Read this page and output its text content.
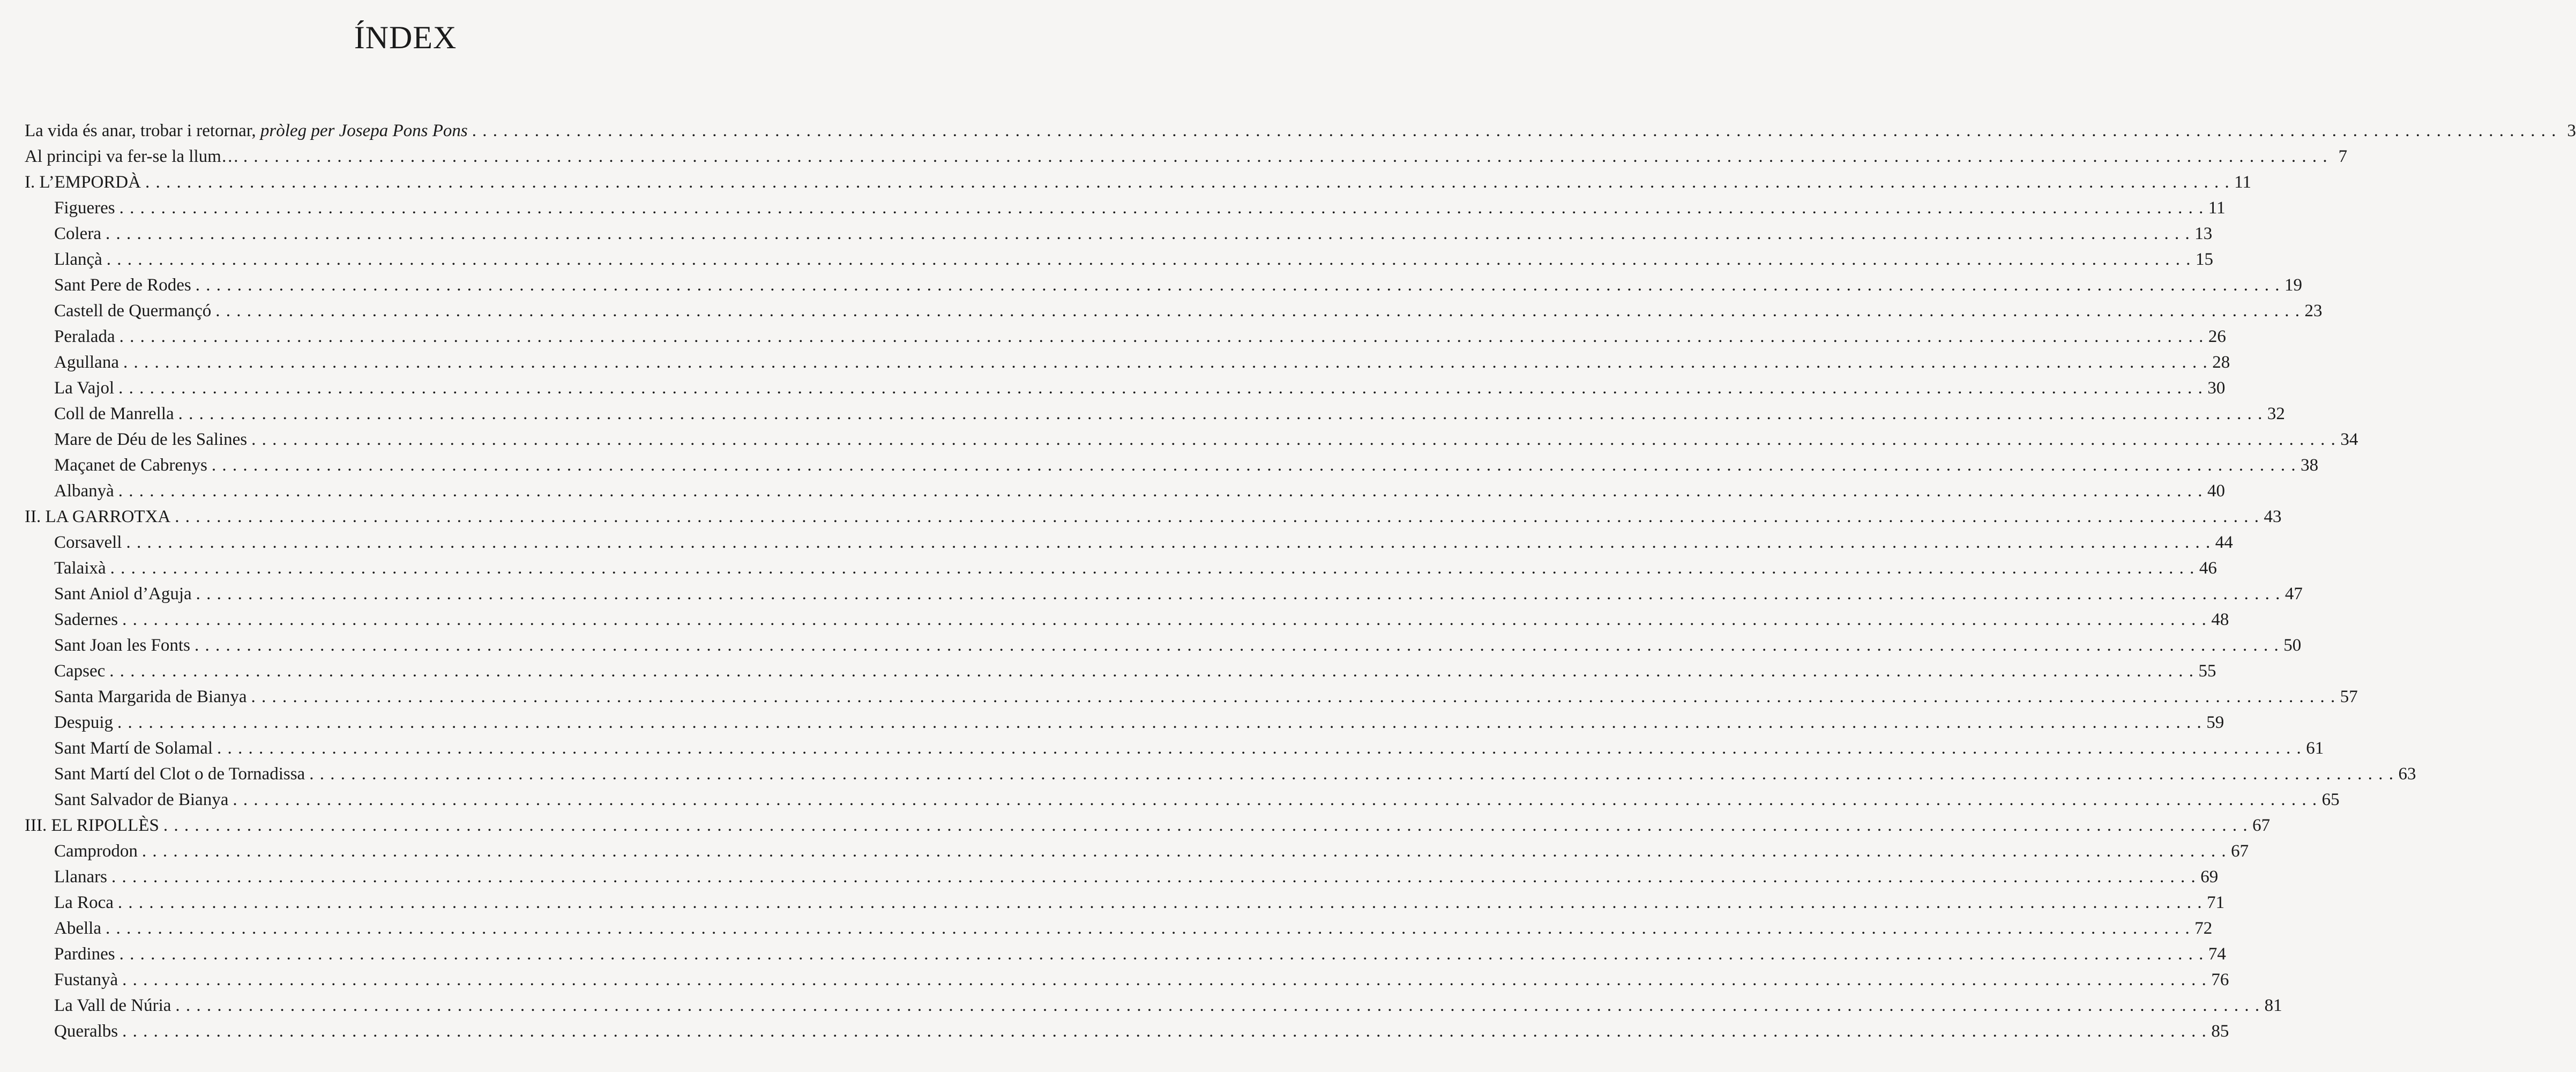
ÍNDEX
La vida és anar, trobar i retornar, pròleg per Josepa Pons Pons . . . . . . . . . . . . . . . . . . . . . . . . . . . . . . . . . . . . . . . . . . . . . . . . . . . . . . . . . . . . . . . . . . . . . . . . . . . . . . . . . . . . . . . . . . . . . . . . . . . . . . . . . . . . . . . . . . . . . . . . . . . . . . . . . . . . . . . . . . . . . . . . . . . . . . . . . . . . . . . . . . . . . . . . . . . . . . . . . . . . . . . . . . . . . . . . . . . . . . . . 3
Al principi va fer-se la llum… . . . . . . . . . . . . . . . . . . . . . . . . . . . . . . . . . . . . . . . . . . . . . . . . . . . . . . . . . . . . . . . . . . . . . . . . . . . . . . . . . . . . . . . . . . . . . . . . . . . . . . . . . . . . . . . . . . . . . . . . . . . . . . . . . . . . . . . . . . . . . . . . . . . . . . . . . . . . . . . . . . . . . . . . . . . . . . . . . . . . . . . . . . . . . . . . . . . . . . . . 7
I. L’EMPORDÀ . . . . . . . . . . . . . . . . . . . . . . . . . . . . . . . . . . . . . . . . . . . . . . . . . . . . . . . . . . . . . . . . . . . . . . . . . . . . . . . . . . . . . . . . . . . . . . . . . . . . . . . . . . . . . . . . . . . . . . . . . . . . . . . . . . . . . . . . . . . . . . . . . . . . . . . . . . . . . . . . . . . . . . . . . . . . . . . . . . . . . . . . . . . . . . . . . . . . . . . . 11
Figueres . . . . . . . . . . . . . . . . . . . . . . . . . . . . . . . . . . . . . . . . . . . . . . . . . . . . . . . . . . . . . . . . . . . . . . . . . . . . . . . . . . . . . . . . . . . . . . . . . . . . . . . . . . . . . . . . . . . . . . . . . . . . . . . . . . . . . . . . . . . . . . . . . . . . . . . . . . . . . . . . . . . . . . . . . . . . . . . . . . . . . . . . . . . . . . . . . . . . . . . . 11
Colera . . . . . . . . . . . . . . . . . . . . . . . . . . . . . . . . . . . . . . . . . . . . . . . . . . . . . . . . . . . . . . . . . . . . . . . . . . . . . . . . . . . . . . . . . . . . . . . . . . . . . . . . . . . . . . . . . . . . . . . . . . . . . . . . . . . . . . . . . . . . . . . . . . . . . . . . . . . . . . . . . . . . . . . . . . . . . . . . . . . . . . . . . . . . . . . . . . . . . . . . 13
Llançà . . . . . . . . . . . . . . . . . . . . . . . . . . . . . . . . . . . . . . . . . . . . . . . . . . . . . . . . . . . . . . . . . . . . . . . . . . . . . . . . . . . . . . . . . . . . . . . . . . . . . . . . . . . . . . . . . . . . . . . . . . . . . . . . . . . . . . . . . . . . . . . . . . . . . . . . . . . . . . . . . . . . . . . . . . . . . . . . . . . . . . . . . . . . . . . . . . . . . . . . 15
Sant Pere de Rodes . . . . . . . . . . . . . . . . . . . . . . . . . . . . . . . . . . . . . . . . . . . . . . . . . . . . . . . . . . . . . . . . . . . . . . . . . . . . . . . . . . . . . . . . . . . . . . . . . . . . . . . . . . . . . . . . . . . . . . . . . . . . . . . . . . . . . . . . . . . . . . . . . . . . . . . . . . . . . . . . . . . . . . . . . . . . . . . . . . . . . . . . . . . . . . . . . . . . . . . . 19
Castell de Quermançó . . . . . . . . . . . . . . . . . . . . . . . . . . . . . . . . . . . . . . . . . . . . . . . . . . . . . . . . . . . . . . . . . . . . . . . . . . . . . . . . . . . . . . . . . . . . . . . . . . . . . . . . . . . . . . . . . . . . . . . . . . . . . . . . . . . . . . . . . . . . . . . . . . . . . . . . . . . . . . . . . . . . . . . . . . . . . . . . . . . . . . . . . . . . . . . . . . . . . . . . 23
Peralada . . . . . . . . . . . . . . . . . . . . . . . . . . . . . . . . . . . . . . . . . . . . . . . . . . . . . . . . . . . . . . . . . . . . . . . . . . . . . . . . . . . . . . . . . . . . . . . . . . . . . . . . . . . . . . . . . . . . . . . . . . . . . . . . . . . . . . . . . . . . . . . . . . . . . . . . . . . . . . . . . . . . . . . . . . . . . . . . . . . . . . . . . . . . . . . . . . . . . . . . 26
Agullana . . . . . . . . . . . . . . . . . . . . . . . . . . . . . . . . . . . . . . . . . . . . . . . . . . . . . . . . . . . . . . . . . . . . . . . . . . . . . . . . . . . . . . . . . . . . . . . . . . . . . . . . . . . . . . . . . . . . . . . . . . . . . . . . . . . . . . . . . . . . . . . . . . . . . . . . . . . . . . . . . . . . . . . . . . . . . . . . . . . . . . . . . . . . . . . . . . . . . . . . 28
La Vajol . . . . . . . . . . . . . . . . . . . . . . . . . . . . . . . . . . . . . . . . . . . . . . . . . . . . . . . . . . . . . . . . . . . . . . . . . . . . . . . . . . . . . . . . . . . . . . . . . . . . . . . . . . . . . . . . . . . . . . . . . . . . . . . . . . . . . . . . . . . . . . . . . . . . . . . . . . . . . . . . . . . . . . . . . . . . . . . . . . . . . . . . . . . . . . . . . . . . . . . . 30
Coll de Manrella . . . . . . . . . . . . . . . . . . . . . . . . . . . . . . . . . . . . . . . . . . . . . . . . . . . . . . . . . . . . . . . . . . . . . . . . . . . . . . . . . . . . . . . . . . . . . . . . . . . . . . . . . . . . . . . . . . . . . . . . . . . . . . . . . . . . . . . . . . . . . . . . . . . . . . . . . . . . . . . . . . . . . . . . . . . . . . . . . . . . . . . . . . . . . . . . . . . . . . . . 32
Mare de Déu de les Salines . . . . . . . . . . . . . . . . . . . . . . . . . . . . . . . . . . . . . . . . . . . . . . . . . . . . . . . . . . . . . . . . . . . . . . . . . . . . . . . . . . . . . . . . . . . . . . . . . . . . . . . . . . . . . . . . . . . . . . . . . . . . . . . . . . . . . . . . . . . . . . . . . . . . . . . . . . . . . . . . . . . . . . . . . . . . . . . . . . . . . . . . . . . . . . . . . . . . . . . . 34
Maçanet de Cabrenys . . . . . . . . . . . . . . . . . . . . . . . . . . . . . . . . . . . . . . . . . . . . . . . . . . . . . . . . . . . . . . . . . . . . . . . . . . . . . . . . . . . . . . . . . . . . . . . . . . . . . . . . . . . . . . . . . . . . . . . . . . . . . . . . . . . . . . . . . . . . . . . . . . . . . . . . . . . . . . . . . . . . . . . . . . . . . . . . . . . . . . . . . . . . . . . . . . . . . . . . 38
Albanyà . . . . . . . . . . . . . . . . . . . . . . . . . . . . . . . . . . . . . . . . . . . . . . . . . . . . . . . . . . . . . . . . . . . . . . . . . . . . . . . . . . . . . . . . . . . . . . . . . . . . . . . . . . . . . . . . . . . . . . . . . . . . . . . . . . . . . . . . . . . . . . . . . . . . . . . . . . . . . . . . . . . . . . . . . . . . . . . . . . . . . . . . . . . . . . . . . . . . . . . . 40
II. LA GARROTXA . . . . . . . . . . . . . . . . . . . . . . . . . . . . . . . . . . . . . . . . . . . . . . . . . . . . . . . . . . . . . . . . . . . . . . . . . . . . . . . . . . . . . . . . . . . . . . . . . . . . . . . . . . . . . . . . . . . . . . . . . . . . . . . . . . . . . . . . . . . . . . . . . . . . . . . . . . . . . . . . . . . . . . . . . . . . . . . . . . . . . . . . . . . . . . . . . . . . . . . . 43
Corsavell . . . . . . . . . . . . . . . . . . . . . . . . . . . . . . . . . . . . . . . . . . . . . . . . . . . . . . . . . . . . . . . . . . . . . . . . . . . . . . . . . . . . . . . . . . . . . . . . . . . . . . . . . . . . . . . . . . . . . . . . . . . . . . . . . . . . . . . . . . . . . . . . . . . . . . . . . . . . . . . . . . . . . . . . . . . . . . . . . . . . . . . . . . . . . . . . . . . . . . . . 44
Talaixà . . . . . . . . . . . . . . . . . . . . . . . . . . . . . . . . . . . . . . . . . . . . . . . . . . . . . . . . . . . . . . . . . . . . . . . . . . . . . . . . . . . . . . . . . . . . . . . . . . . . . . . . . . . . . . . . . . . . . . . . . . . . . . . . . . . . . . . . . . . . . . . . . . . . . . . . . . . . . . . . . . . . . . . . . . . . . . . . . . . . . . . . . . . . . . . . . . . . . . . . 46
Sant Aniol d’Aguja . . . . . . . . . . . . . . . . . . . . . . . . . . . . . . . . . . . . . . . . . . . . . . . . . . . . . . . . . . . . . . . . . . . . . . . . . . . . . . . . . . . . . . . . . . . . . . . . . . . . . . . . . . . . . . . . . . . . . . . . . . . . . . . . . . . . . . . . . . . . . . . . . . . . . . . . . . . . . . . . . . . . . . . . . . . . . . . . . . . . . . . . . . . . . . . . . . . . . . . . 47
Sadernes . . . . . . . . . . . . . . . . . . . . . . . . . . . . . . . . . . . . . . . . . . . . . . . . . . . . . . . . . . . . . . . . . . . . . . . . . . . . . . . . . . . . . . . . . . . . . . . . . . . . . . . . . . . . . . . . . . . . . . . . . . . . . . . . . . . . . . . . . . . . . . . . . . . . . . . . . . . . . . . . . . . . . . . . . . . . . . . . . . . . . . . . . . . . . . . . . . . . . . . . 48
Sant Joan les Fonts . . . . . . . . . . . . . . . . . . . . . . . . . . . . . . . . . . . . . . . . . . . . . . . . . . . . . . . . . . . . . . . . . . . . . . . . . . . . . . . . . . . . . . . . . . . . . . . . . . . . . . . . . . . . . . . . . . . . . . . . . . . . . . . . . . . . . . . . . . . . . . . . . . . . . . . . . . . . . . . . . . . . . . . . . . . . . . . . . . . . . . . . . . . . . . . . . . . . . . . . 50
Capsec . . . . . . . . . . . . . . . . . . . . . . . . . . . . . . . . . . . . . . . . . . . . . . . . . . . . . . . . . . . . . . . . . . . . . . . . . . . . . . . . . . . . . . . . . . . . . . . . . . . . . . . . . . . . . . . . . . . . . . . . . . . . . . . . . . . . . . . . . . . . . . . . . . . . . . . . . . . . . . . . . . . . . . . . . . . . . . . . . . . . . . . . . . . . . . . . . . . . . . . . 55
Santa Margarida de Bianya . . . . . . . . . . . . . . . . . . . . . . . . . . . . . . . . . . . . . . . . . . . . . . . . . . . . . . . . . . . . . . . . . . . . . . . . . . . . . . . . . . . . . . . . . . . . . . . . . . . . . . . . . . . . . . . . . . . . . . . . . . . . . . . . . . . . . . . . . . . . . . . . . . . . . . . . . . . . . . . . . . . . . . . . . . . . . . . . . . . . . . . . . . . . . . . . . . . . . . . . 57
Despuig . . . . . . . . . . . . . . . . . . . . . . . . . . . . . . . . . . . . . . . . . . . . . . . . . . . . . . . . . . . . . . . . . . . . . . . . . . . . . . . . . . . . . . . . . . . . . . . . . . . . . . . . . . . . . . . . . . . . . . . . . . . . . . . . . . . . . . . . . . . . . . . . . . . . . . . . . . . . . . . . . . . . . . . . . . . . . . . . . . . . . . . . . . . . . . . . . . . . . . . . 59
Sant Martí de Solamal . . . . . . . . . . . . . . . . . . . . . . . . . . . . . . . . . . . . . . . . . . . . . . . . . . . . . . . . . . . . . . . . . . . . . . . . . . . . . . . . . . . . . . . . . . . . . . . . . . . . . . . . . . . . . . . . . . . . . . . . . . . . . . . . . . . . . . . . . . . . . . . . . . . . . . . . . . . . . . . . . . . . . . . . . . . . . . . . . . . . . . . . . . . . . . . . . . . . . . . . 61
Sant Martí del Clot o de Tornadissa . . . . . . . . . . . . . . . . . . . . . . . . . . . . . . . . . . . . . . . . . . . . . . . . . . . . . . . . . . . . . . . . . . . . . . . . . . . . . . . . . . . . . . . . . . . . . . . . . . . . . . . . . . . . . . . . . . . . . . . . . . . . . . . . . . . . . . . . . . . . . . . . . . . . . . . . . . . . . . . . . . . . . . . . . . . . . . . . . . . . . . . . . . . . . . . . . . . . . . . . 63
Sant Salvador de Bianya . . . . . . . . . . . . . . . . . . . . . . . . . . . . . . . . . . . . . . . . . . . . . . . . . . . . . . . . . . . . . . . . . . . . . . . . . . . . . . . . . . . . . . . . . . . . . . . . . . . . . . . . . . . . . . . . . . . . . . . . . . . . . . . . . . . . . . . . . . . . . . . . . . . . . . . . . . . . . . . . . . . . . . . . . . . . . . . . . . . . . . . . . . . . . . . . . . . . . . . . 65
III. EL RIPOLLÈS . . . . . . . . . . . . . . . . . . . . . . . . . . . . . . . . . . . . . . . . . . . . . . . . . . . . . . . . . . . . . . . . . . . . . . . . . . . . . . . . . . . . . . . . . . . . . . . . . . . . . . . . . . . . . . . . . . . . . . . . . . . . . . . . . . . . . . . . . . . . . . . . . . . . . . . . . . . . . . . . . . . . . . . . . . . . . . . . . . . . . . . . . . . . . . . . . . . . . . . . 67
Camprodon . . . . . . . . . . . . . . . . . . . . . . . . . . . . . . . . . . . . . . . . . . . . . . . . . . . . . . . . . . . . . . . . . . . . . . . . . . . . . . . . . . . . . . . . . . . . . . . . . . . . . . . . . . . . . . . . . . . . . . . . . . . . . . . . . . . . . . . . . . . . . . . . . . . . . . . . . . . . . . . . . . . . . . . . . . . . . . . . . . . . . . . . . . . . . . . . . . . . . . . . 67
Llanars . . . . . . . . . . . . . . . . . . . . . . . . . . . . . . . . . . . . . . . . . . . . . . . . . . . . . . . . . . . . . . . . . . . . . . . . . . . . . . . . . . . . . . . . . . . . . . . . . . . . . . . . . . . . . . . . . . . . . . . . . . . . . . . . . . . . . . . . . . . . . . . . . . . . . . . . . . . . . . . . . . . . . . . . . . . . . . . . . . . . . . . . . . . . . . . . . . . . . . . . 69
La Roca . . . . . . . . . . . . . . . . . . . . . . . . . . . . . . . . . . . . . . . . . . . . . . . . . . . . . . . . . . . . . . . . . . . . . . . . . . . . . . . . . . . . . . . . . . . . . . . . . . . . . . . . . . . . . . . . . . . . . . . . . . . . . . . . . . . . . . . . . . . . . . . . . . . . . . . . . . . . . . . . . . . . . . . . . . . . . . . . . . . . . . . . . . . . . . . . . . . . . . . . 71
Abella . . . . . . . . . . . . . . . . . . . . . . . . . . . . . . . . . . . . . . . . . . . . . . . . . . . . . . . . . . . . . . . . . . . . . . . . . . . . . . . . . . . . . . . . . . . . . . . . . . . . . . . . . . . . . . . . . . . . . . . . . . . . . . . . . . . . . . . . . . . . . . . . . . . . . . . . . . . . . . . . . . . . . . . . . . . . . . . . . . . . . . . . . . . . . . . . . . . . . . . . 72
Pardines . . . . . . . . . . . . . . . . . . . . . . . . . . . . . . . . . . . . . . . . . . . . . . . . . . . . . . . . . . . . . . . . . . . . . . . . . . . . . . . . . . . . . . . . . . . . . . . . . . . . . . . . . . . . . . . . . . . . . . . . . . . . . . . . . . . . . . . . . . . . . . . . . . . . . . . . . . . . . . . . . . . . . . . . . . . . . . . . . . . . . . . . . . . . . . . . . . . . . . . . 74
Fustanyà . . . . . . . . . . . . . . . . . . . . . . . . . . . . . . . . . . . . . . . . . . . . . . . . . . . . . . . . . . . . . . . . . . . . . . . . . . . . . . . . . . . . . . . . . . . . . . . . . . . . . . . . . . . . . . . . . . . . . . . . . . . . . . . . . . . . . . . . . . . . . . . . . . . . . . . . . . . . . . . . . . . . . . . . . . . . . . . . . . . . . . . . . . . . . . . . . . . . . . . . 76
La Vall de Núria . . . . . . . . . . . . . . . . . . . . . . . . . . . . . . . . . . . . . . . . . . . . . . . . . . . . . . . . . . . . . . . . . . . . . . . . . . . . . . . . . . . . . . . . . . . . . . . . . . . . . . . . . . . . . . . . . . . . . . . . . . . . . . . . . . . . . . . . . . . . . . . . . . . . . . . . . . . . . . . . . . . . . . . . . . . . . . . . . . . . . . . . . . . . . . . . . . . . . . . . 81
Queralbs . . . . . . . . . . . . . . . . . . . . . . . . . . . . . . . . . . . . . . . . . . . . . . . . . . . . . . . . . . . . . . . . . . . . . . . . . . . . . . . . . . . . . . . . . . . . . . . . . . . . . . . . . . . . . . . . . . . . . . . . . . . . . . . . . . . . . . . . . . . . . . . . . . . . . . . . . . . . . . . . . . . . . . . . . . . . . . . . . . . . . . . . . . . . . . . . . . . . . . . . 85
